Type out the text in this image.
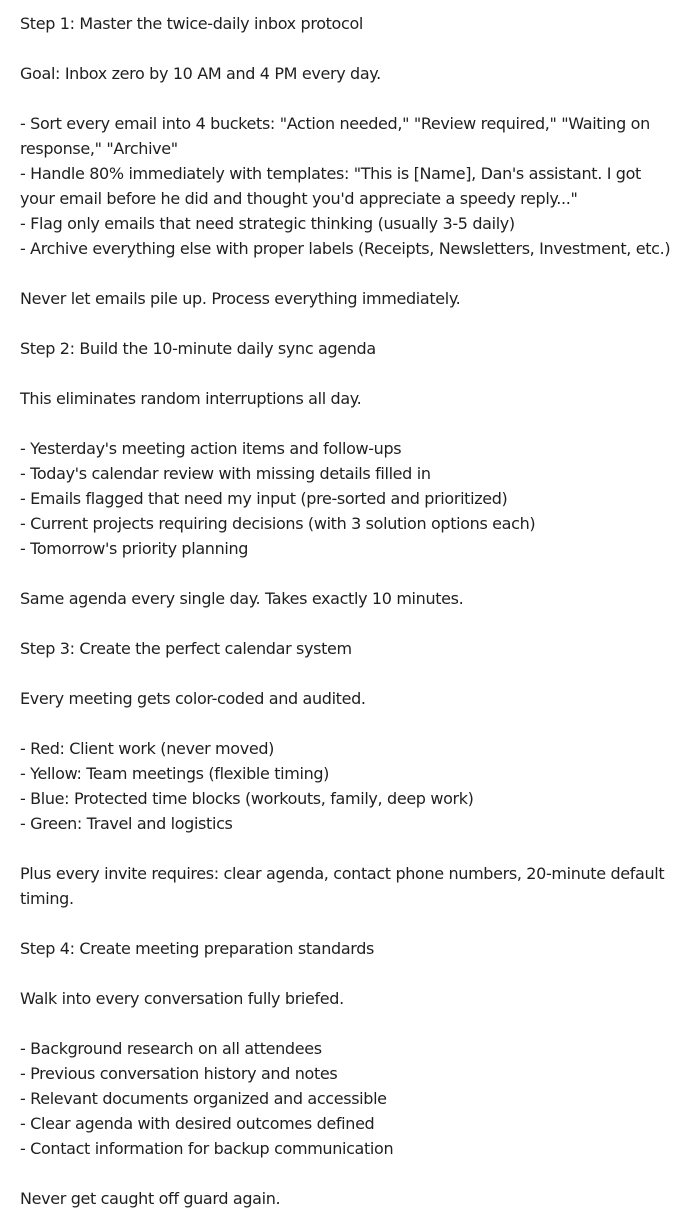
Step 1: Master the twice-daily inbox protocol

Goal: Inbox zero by 10 AM and 4 PM every day.

- Sort every email into 4 buckets: "Action needed," "Review required," "Waiting on response," "Archive"
- Handle 80% immediately with templates: "This is [Name], Dan's assistant. I got your email before he did and thought you'd appreciate a speedy reply..."
- Flag only emails that need strategic thinking (usually 3-5 daily)
- Archive everything else with proper labels (Receipts, Newsletters, Investment, etc.)

Never let emails pile up. Process everything immediately.

Step 2: Build the 10-minute daily sync agenda

This eliminates random interruptions all day.

- Yesterday's meeting action items and follow-ups
- Today's calendar review with missing details filled in
- Emails flagged that need my input (pre-sorted and prioritized)
- Current projects requiring decisions (with 3 solution options each)
- Tomorrow's priority planning

Same agenda every single day. Takes exactly 10 minutes.

Step 3: Create the perfect calendar system

Every meeting gets color-coded and audited.

- Red: Client work (never moved)
- Yellow: Team meetings (flexible timing)
- Blue: Protected time blocks (workouts, family, deep work)
- Green: Travel and logistics

Plus every invite requires: clear agenda, contact phone numbers, 20-minute default timing.

Step 4: Create meeting preparation standards

Walk into every conversation fully briefed.

- Background research on all attendees
- Previous conversation history and notes
- Relevant documents organized and accessible
- Clear agenda with desired outcomes defined
- Contact information for backup communication

Never get caught off guard again.
